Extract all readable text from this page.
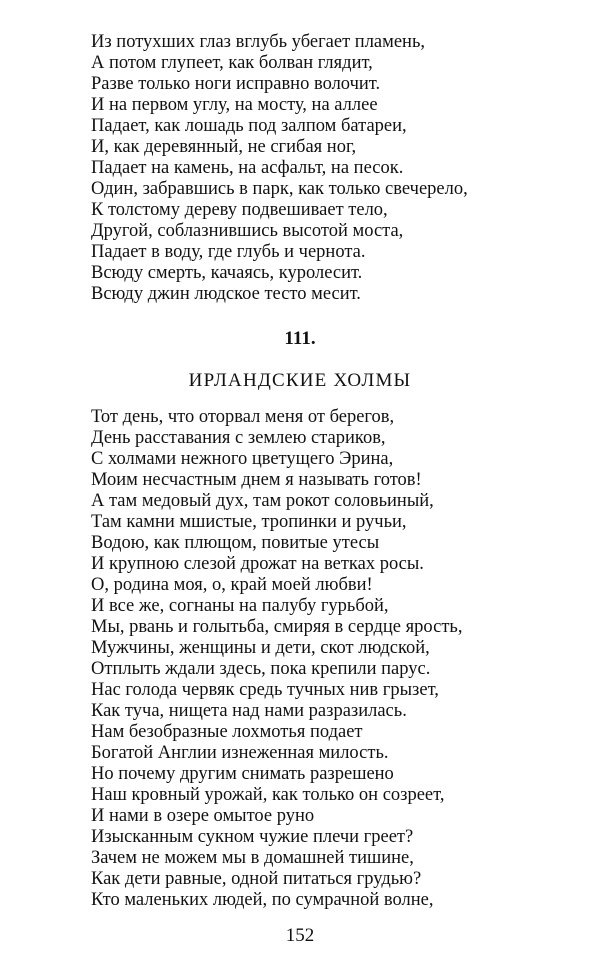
Из потухших глаз вглубь убегает пламень,
А потом глупеет, как болван глядит,
Разве только ноги исправно волочит.
И на первом углу, на мосту, на аллее
Падает, как лошадь под залпом батареи,
И, как деревянный, не сгибая ног,
Падает на камень, на асфальт, на песок.
Один, забравшись в парк, как только свечерело,
К толстому дереву подвешивает тело,
Другой, соблазнившись высотой моста,
Падает в воду, где глубь и чернота.
Всюду смерть, качаясь, куролесит.
Всюду джин людское тесто месит.
111.
ИРЛАНДСКИЕ ХОЛМЫ
Тот день, что оторвал меня от берегов,
День расставания с землею стариков,
С холмами нежного цветущего Эрина,
Моим несчастным днем я называть готов!
А там медовый дух, там рокот соловьиный,
Там камни мшистые, тропинки и ручьи,
Водою, как плющом, повитые утесы
И крупною слезой дрожат на ветках росы.
О, родина моя, о, край моей любви!
И все же, согнаны на палубу гурьбой,
Мы, рвань и голытьба, смиряя в сердце ярость,
Мужчины, женщины и дети, скот людской,
Отплыть ждали здесь, пока крепили парус.
Нас голода червяк средь тучных нив грызет,
Как туча, нищета над нами разразилась.
Нам безобразные лохмотья подает
Богатой Англии изнеженная милость.
Но почему другим снимать разрешено
Наш кровный урожай, как только он созреет,
И нами в озере омытое руно
Изысканным сукном чужие плечи греет?
Зачем не можем мы в домашней тишине,
Как дети равные, одной питаться грудью?
Кто маленьких людей, по сумрачной волне,
152
